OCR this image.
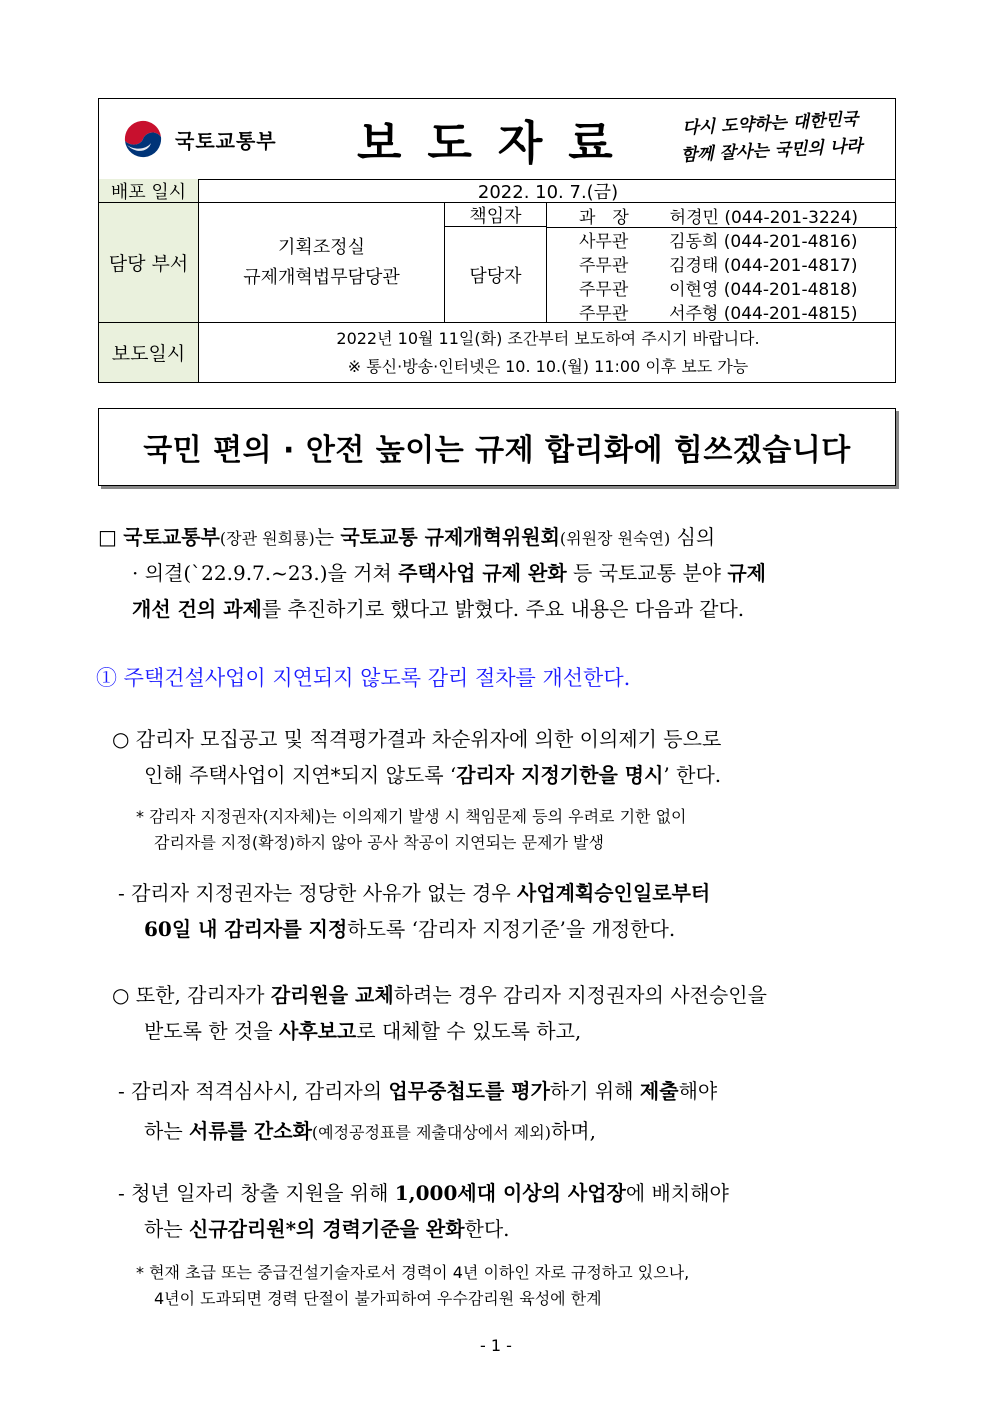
국토교통부 보도자료	다시 도약하는 대한민국
함께 잘사는 국민의 나라
배포 일시	2022. 10. 7.(금)
담당 부서
기획조정실
규제개혁법무담당관
책임자
담당자
과　장 허경민 (044-201-3224)
사무관 김동희 (044-201-4816)
주무관 김경태 (044-201-4817)
주무관 이현영 (044-201-4818)
주무관 서주형 (044-201-4815)
보도일시
2022년 10월 11일(화) 조간부터 보도하여 주시기 바랍니다.
※ 통신·방송·인터넷은 10. 10.(월) 11:00 이후 보도 가능
국민 편의 · 안전 높이는 규제 합리화에 힘쓰겠습니다
□ 국토교통부(장관 원희룡)는 국토교통 규제개혁위원회(위원장 원숙연) 심의
· 의결(`22.9.7.~23.)을 거쳐 주택사업 규제 완화 등 국토교통 분야 규제
개선 건의 과제를 추진하기로 했다고 밝혔다. 주요 내용은 다음과 같다.
① 주택건설사업이 지연되지 않도록 감리 절차를 개선한다.
○ 감리자 모집공고 및 적격평가결과 차순위자에 의한 이의제기 등으로
인해 주택사업이 지연*되지 않도록 ‘감리자 지정기한을 명시’ 한다.
* 감리자 지정권자(지자체)는 이의제기 발생 시 책임문제 등의 우려로 기한 없이
감리자를 지정(확정)하지 않아 공사 착공이 지연되는 문제가 발생
- 감리자 지정권자는 정당한 사유가 없는 경우 사업계획승인일로부터
60일 내 감리자를 지정하도록 ‘감리자 지정기준’을 개정한다.
○ 또한, 감리자가 감리원을 교체하려는 경우 감리자 지정권자의 사전승인을
받도록 한 것을 사후보고로 대체할 수 있도록 하고,
- 감리자 적격심사시, 감리자의 업무중첩도를 평가하기 위해 제출해야
하는 서류를 간소화(예정공정표를 제출대상에서 제외)하며,
- 청년 일자리 창출 지원을 위해 1,000세대 이상의 사업장에 배치해야
하는 신규감리원*의 경력기준을 완화한다.
* 현재 초급 또는 중급건설기술자로서 경력이 4년 이하인 자로 규정하고 있으나,
4년이 도과되면 경력 단절이 불가피하여 우수감리원 육성에 한계
- 1 -
